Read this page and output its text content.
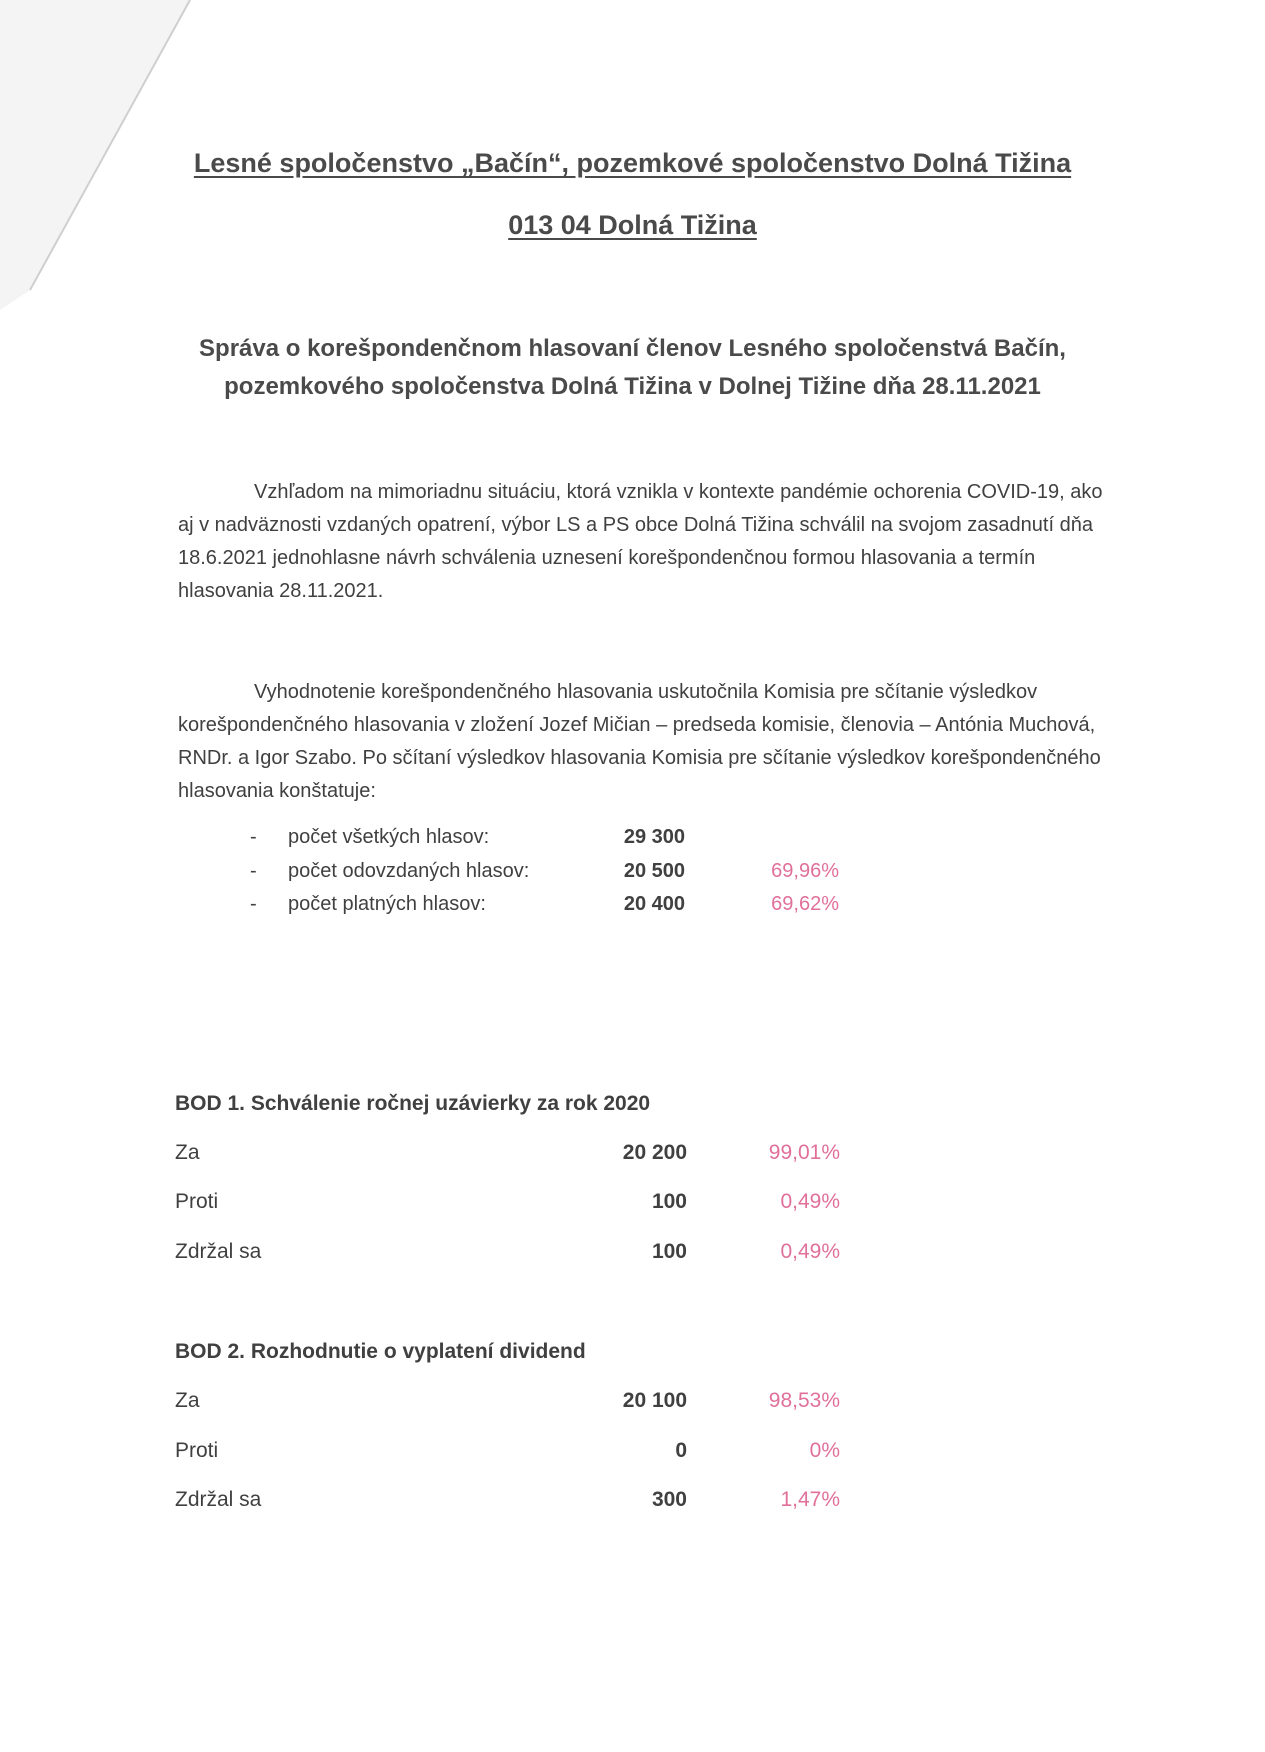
Lesné spoločenstvo „Bačín“, pozemkové spoločenstvo Dolná Tižina
013 04 Dolná Tižina
Správa o korešpondenčnom hlasovaní členov Lesného spoločenstvá Bačín,
pozemkového spoločenstva Dolná Tižina v Dolnej Tižine dňa 28.11.2021

Vzhľadom na mimoriadnu situáciu, ktorá vznikla v kontexte pandémie ochorenia COVID-19, ako aj v nadväznosti vzdaných opatrení, výbor LS a PS obce Dolná Tižina schválil na svojom zasadnutí dňa 18.6.2021 jednohlasne návrh schválenia uznesení korešpondenčnou formou hlasovania a termín hlasovania 28.11.2021.

Vyhodnotenie korešpondenčného hlasovania uskutočnila Komisia pre sčítanie výsledkov korešpondenčného hlasovania v zložení Jozef Mičian – predseda komisie, členovia – Antónia Muchová, RNDr. a Igor Szabo. Po sčítaní výsledkov hlasovania Komisia pre sčítanie výsledkov korešpondenčného hlasovania konštatuje:

- počet všetkých hlasov:	29 300
- počet odovzdaných hlasov:	20 500	69,96%
- počet platných hlasov:	20 400	69,62%
BOD 1. Schválenie ročnej uzávierky za rok 2020
Za	20 200	99,01%
Proti	100	0,49%
Zdržal sa	100	0,49%
BOD 2. Rozhodnutie o vyplatení dividend
Za	20 100	98,53%
Proti	0	0%
Zdržal sa	300	1,47%
